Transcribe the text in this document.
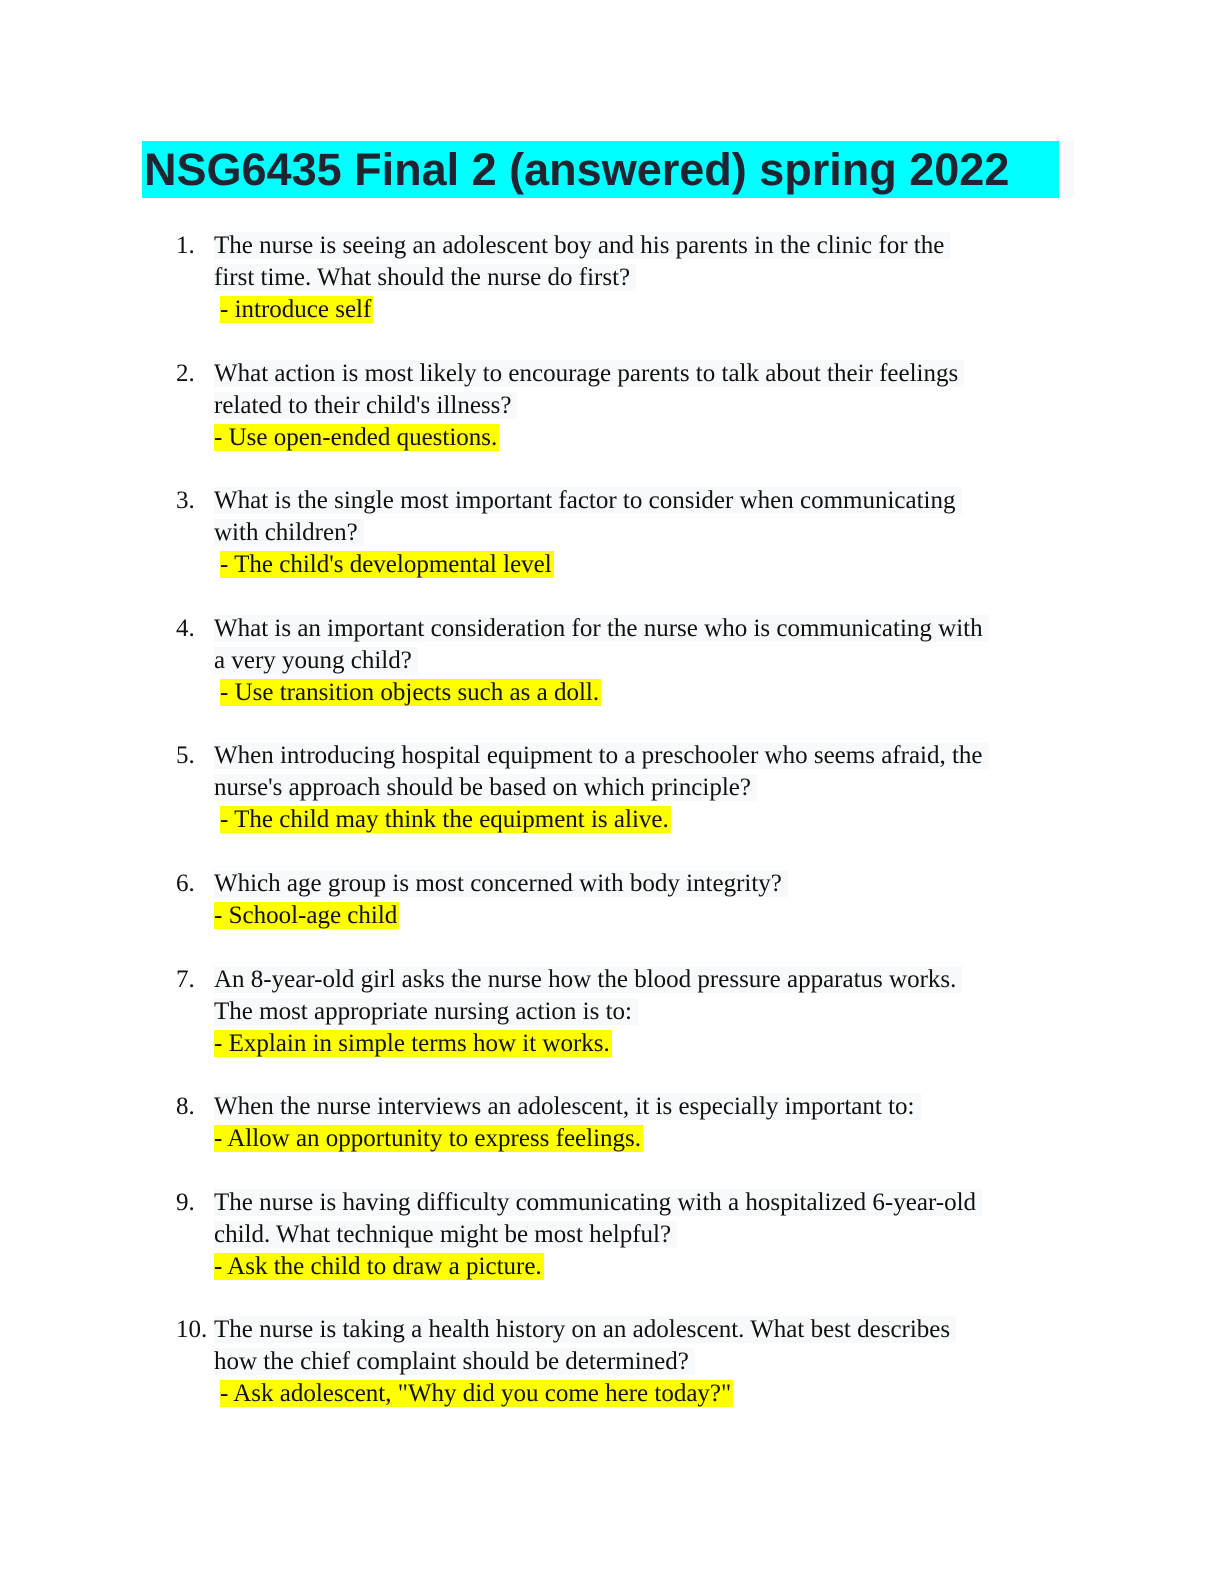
NSG6435 Final 2 (answered) spring 2022
1. The nurse is seeing an adolescent boy and his parents in the clinic for the
first time. What should the nurse do first?
- introduce self
2. What action is most likely to encourage parents to talk about their feelings
related to their child's illness?
- Use open-ended questions.
3. What is the single most important factor to consider when communicating
with children?
- The child's developmental level
4. What is an important consideration for the nurse who is communicating with
a very young child?
- Use transition objects such as a doll.
5. When introducing hospital equipment to a preschooler who seems afraid, the
nurse's approach should be based on which principle?
- The child may think the equipment is alive.
6. Which age group is most concerned with body integrity?
- School-age child
7. An 8-year-old girl asks the nurse how the blood pressure apparatus works.
The most appropriate nursing action is to:
- Explain in simple terms how it works.
8. When the nurse interviews an adolescent, it is especially important to:
- Allow an opportunity to express feelings.
9. The nurse is having difficulty communicating with a hospitalized 6-year-old
child. What technique might be most helpful?
- Ask the child to draw a picture.
10. The nurse is taking a health history on an adolescent. What best describes
how the chief complaint should be determined?
- Ask adolescent, "Why did you come here today?"
